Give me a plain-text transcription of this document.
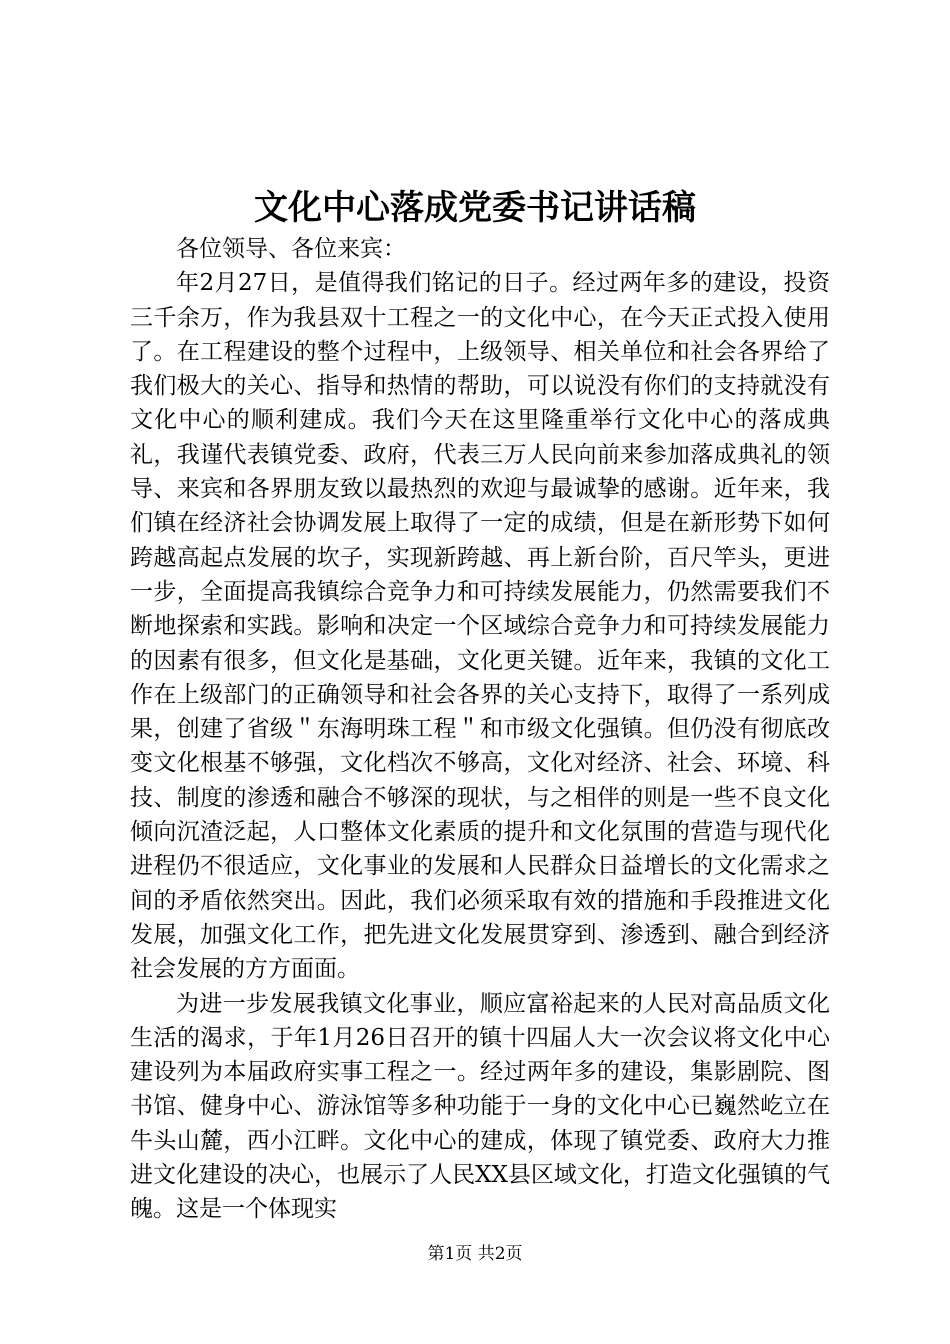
文化中心落成党委书记讲话稿

各位领导、各位来宾：

年2月27日，是值得我们铭记的日子。经过两年多的建设，投资三千余万，作为我县双十工程之一的文化中心，在今天正式投入使用了。在工程建设的整个过程中，上级领导、相关单位和社会各界给了我们极大的关心、指导和热情的帮助，可以说没有你们的支持就没有文化中心的顺利建成。我们今天在这里隆重举行文化中心的落成典礼，我谨代表镇党委、政府，代表三万人民向前来参加落成典礼的领导、来宾和各界朋友致以最热烈的欢迎与最诚挚的感谢。近年来，我们镇在经济社会协调发展上取得了一定的成绩，但是在新形势下如何跨越高起点发展的坎子，实现新跨越、再上新台阶，百尺竿头，更进一步，全面提高我镇综合竞争力和可持续发展能力，仍然需要我们不断地探索和实践。影响和决定一个区域综合竞争力和可持续发展能力的因素有很多，但文化是基础，文化更关键。近年来，我镇的文化工作在上级部门的正确领导和社会各界的关心支持下，取得了一系列成果，创建了省级＂东海明珠工程＂和市级文化强镇。但仍没有彻底改变文化根基不够强，文化档次不够高，文化对经济、社会、环境、科技、制度的渗透和融合不够深的现状，与之相伴的则是一些不良文化倾向沉渣泛起，人口整体文化素质的提升和文化氛围的营造与现代化进程仍不很适应，文化事业的发展和人民群众日益增长的文化需求之间的矛盾依然突出。因此，我们必须采取有效的措施和手段推进文化发展，加强文化工作，把先进文化发展贯穿到、渗透到、融合到经济社会发展的方方面面。

为进一步发展我镇文化事业，顺应富裕起来的人民对高品质文化生活的渴求，于年1月26日召开的镇十四届人大一次会议将文化中心建设列为本届政府实事工程之一。经过两年多的建设，集影剧院、图书馆、健身中心、游泳馆等多种功能于一身的文化中心已巍然屹立在牛头山麓，西小江畔。文化中心的建成，体现了镇党委、政府大力推进文化建设的决心，也展示了人民XX县区域文化，打造文化强镇的气魄。这是一个体现实

第1页 共2页
